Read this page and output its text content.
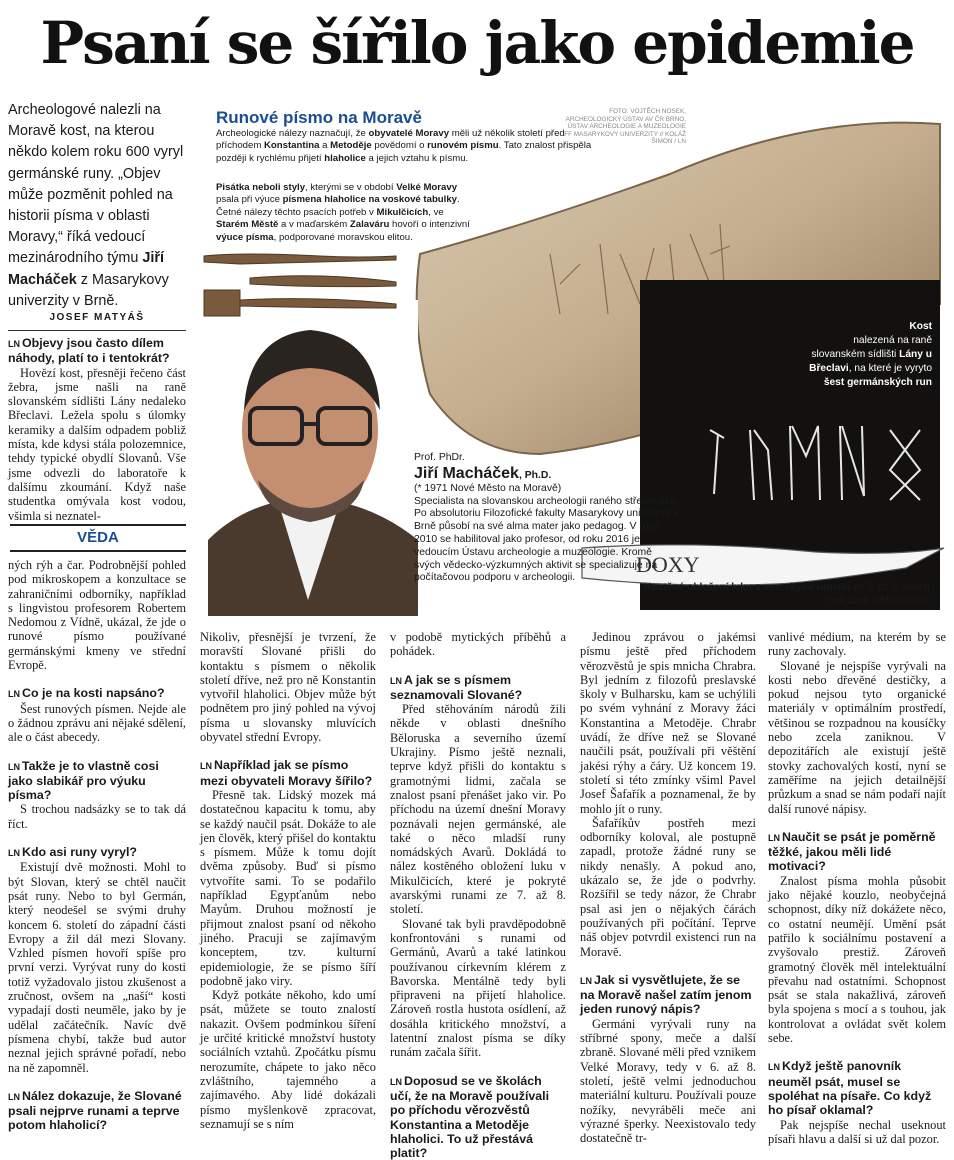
Psaní se šířilo jako epidemie

Archeologové nalezli na Moravě kost, na kterou někdo kolem roku 600 vyryl germánské runy. „Objev může pozměnit pohled na historii písma v oblasti Moravy,“ říká vedoucí mezinárodního týmu Jiří Macháček z Masarykovy univerzity v Brně.

JOSEF MATYÁŠ

LN Objevy jsou často dílem náhody, platí to i tentokrát?

Hovězí kost, přesněji řečeno část žebra, jsme našli na raně slovanském sídlišti Lány nedaleko Břeclavi. Ležela spolu s úlomky keramiky a dalším odpadem pobliž místa, kde kdysi stála polozemnice, tehdy typické obydlí Slovanů. Vše jsme odvezli do laboratoře k dalšímu zkoumání. Když naše studentka omývala kost vodou, všimla si neznatel-

VĚDA

ných rýh a čar. Podrobnější pohled pod mikroskopem a konzultace se zahraničními odborníky, například s lingvistou profesorem Robertem Nedomou z Vídně, ukázal, že jde o runové písmo používané germánskými kmeny ve střední Evropě.

LN Co je na kosti napsáno?

Šest runových písmen. Nejde ale o žádnou zprávu ani nějaké sdělení, ale o část abecedy.

LN Takže je to vlastně cosi jako slabikář pro výuku písma?

S trochou nadsázky se to tak dá říct.

LN Kdo asi runy vyryl?

Existují dvě možnosti. Mohl to být Slovan, který se chtěl naučit psát runy. Nebo to byl Germán, který neodešel se svými druhy koncem 6. století do západní části Evropy a žil dál mezi Slovany. Vzhled písmen hovoří spíše pro první verzi. Vyrývat runy do kosti totiž vyžadovalo jistou zkušenost a zručnost, ovšem na „naší“ kosti vypadají dosti neuměle, jako by je udělal začátečník. Navíc dvě písmena chybí, takže bud autor neznal jejich správné pořadí, nebo na ně zapomněl.

LN Nález dokazuje, že Slované psali nejprve runami a teprve potom hlaholicí?

DOXY
Runové písmo na Moravě	FOTO: VOJTĚCH NOSEK, ARCHEOLOGICKÝ ÚSTAV AV ČR BRNO, ÚSTAV ARCHEOLOGIE A MUZEOLOGIE FF MASARYKOVY UNIVERZITY // KOLÁŽ ŠIMON / LN
Archeologické nálezy naznačují, že obyvatelé Moravy měli už několik století před příchodem Konstantina a Metoděje povědomí o runovém písmu. Tato znalost přispěla později k rychlému přijetí hlaholice a jejich vztahu k písmu.
Pisátka neboli styly, kterými se v období Velké Moravy psala při výuce písmena hlaholice na voskové tabulky. Četné nálezy těchto psacích potřeb v Mikulčicích, ve Starém Městě a v maďarském Zalaváru hovoří o intenzivní výuce písma, podporované moravskou elitou.
Kost
nalezená na raně slovanském sídlišti Lány u Břeclavi, na které je vyryto šest germánských run
Prof. PhDr.
Jiří Macháček, Ph.D.
(* 1971 Nové Město na Moravě)
Specialista na slovanskou archeologii raného středověku. Po absolutoriu Filozofické fakulty Masarykovy univerzity v Brně působí na své alma mater jako pedagog. V roce 2010 se habilitoval jako profesor, od roku 2016 je vedoucím Ústavu archeologie a muzeologie. Kromě svých vědecko-výzkumných aktivit se specializuje na počítačovou podporu v archeologii.
Kostěné obložení luku s avarskými runami ze 7. až 8. století nalezené v Mikulčicích

Nikoliv, přesnější je tvrzení, že moravští Slované přišli do kontaktu s písmem o několik století dříve, než pro ně Konstantin vytvořil hlaholici. Objev může být podnětem pro jiný pohled na vývoj písma u slovansky mluvících obyvatel střední Evropy.

LN Například jak se písmo mezi obyvateli Moravy šířilo?

Přesně tak. Lidský mozek má dostatečnou kapacitu k tomu, aby se každý naučil psát. Dokáže to ale jen člověk, který přišel do kontaktu s písmem. Může k tomu dojít dvěma způsoby. Buď si písmo vytvoříte sami. To se podařilo například Egypťanům nebo Mayům. Druhou možností je přijmout znalost psaní od někoho jiného. Pracuji se zajímavým konceptem, tzv. kulturní epidemiologie, že se písmo šíří podobně jako viry.

Když potkáte někoho, kdo umí psát, můžete se touto znalostí nakazit. Ovšem podmínkou šíření je určité kritické množství hustoty sociálních vztahů. Zpočátku písmu nerozumíte, chápete to jako něco zvláštního, tajemného a zajímavého. Aby lidé dokázali písmo myšlenkově zpracovat, seznamují se s ním

v podobě mytických příběhů a pohádek.

LN A jak se s písmem seznamovali Slované?

Před stěhováním národů žili někde v oblasti dnešního Běloruska a severního území Ukrajiny. Písmo ještě neznali, teprve když přišli do kontaktu s gramotnými lidmi, začala se znalost psaní přenášet jako vir. Po příchodu na území dnešní Moravy poznávali nejen germánské, ale také o něco mladší runy nomádských Avarů. Dokládá to nález kostěného obložení luku v Mikulčicích, které je pokryté avarskými runami ze 7. až 8. století.

Slované tak byli pravděpodobně konfrontováni s runami od Germánů, Avarů a také latinkou používanou církevním klérem z Bavorska. Mentálně tedy byli připraveni na přijetí hlaholice. Zároveň rostla hustota osídlení, až dosáhla kritického množství, a latentní znalost písma se díky runám začala šířit.

LN Doposud se ve školách učí, že na Moravě používali po příchodu věrozvěstů Konstantina a Metoděje hlaholici. To už přestává platit?

Jedinou zprávou o jakémsi písmu ještě před příchodem věrozvěstů je spis mnicha Chrabra. Byl jedním z filozofů preslavské školy v Bulharsku, kam se uchýlili po svém vyhnání z Moravy žáci Konstantina a Metoděje. Chrabr uvádí, že dříve než se Slované naučili psát, používali při věštění jakési rýhy a čáry. Už koncem 19. století si této zmínky všiml Pavel Josef Šafařík a poznamenal, že by mohlo jít o runy.

Šafaříkův postřeh mezi odborníky koloval, ale postupně zapadl, protože žádné runy se nikdy nenašly. A pokud ano, ukázalo se, že jde o podvrhy. Rozšířil se tedy názor, že Chrabr psal asi jen o nějakých čárách používaných při počítání. Teprve náš objev potvrdil existenci run na Moravě.

LN Jak si vysvětlujete, že se na Moravě našel zatím jenom jeden runový nápis?

Germáni vyrývali runy na stříbrné spony, meče a další zbraně. Slované měli před vznikem Velké Moravy, tedy v 6. až 8. století, ještě velmi jednoduchou materiální kulturu. Používali pouze nožíky, nevyráběli meče ani výrazné šperky. Neexistovalo tedy dostatečně tr-

vanlivé médium, na kterém by se runy zachovaly.

Slované je nejspíše vyrývali na kosti nebo dřevěné destičky, a pokud nejsou tyto organické materiály v optimálním prostředí, většinou se rozpadnou na kousíčky nebo zcela zaniknou. V depozitářích ale existují ještě stovky zachovalých kostí, nyní se zaměříme na jejich detailnější průzkum a snad se nám podaří najít další runové nápisy.

LN Naučit se psát je poměrně těžké, jakou měli lidé motivaci?

Znalost písma mohla působit jako nějaké kouzlo, neobyčejná schopnost, díky níž dokážete něco, co ostatní neumějí. Umění psát patřilo k sociálnímu postavení a zvyšovalo prestiž. Zároveň gramotný člověk měl intelektuální převahu nad ostatními. Schopnost psát se stala nakažlivá, zároveň byla spojena s mocí a s touhou, jak kontrolovat a ovládat svět kolem sebe.

LN Když ještě panovník neuměl psát, musel se spoléhat na písaře. Co když ho písař oklamal?

Pak nejspíše nechal useknout písaři hlavu a další si už dal pozor.
